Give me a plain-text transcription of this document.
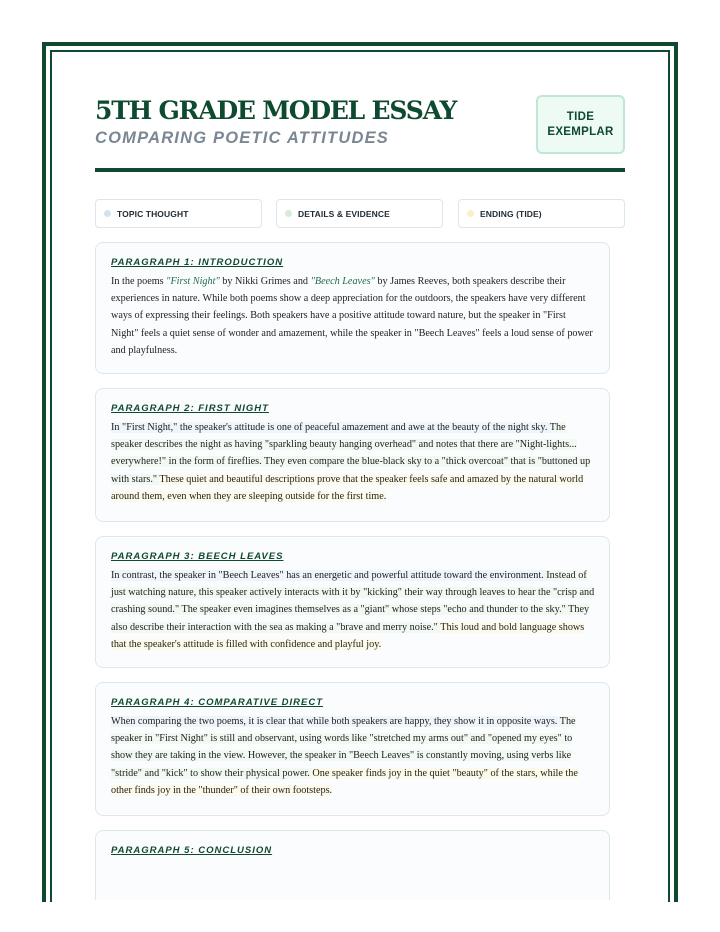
5TH GRADE MODEL ESSAY
COMPARING POETIC ATTITUDES
TIDE
EXEMPLAR
TOPIC THOUGHT	DETAILS & EVIDENCE	ENDING (TIDE)
PARAGRAPH 1: INTRODUCTION
In the poems "First Night" by Nikki Grimes and "Beech Leaves" by James Reeves, both speakers describe their experiences in nature. While both poems show a deep appreciation for the outdoors, the speakers have very different ways of expressing their feelings. Both speakers have a positive attitude toward nature, but the speaker in "First Night" feels a quiet sense of wonder and amazement, while the speaker in "Beech Leaves" feels a loud sense of power and playfulness.
PARAGRAPH 2: FIRST NIGHT
In "First Night," the speaker's attitude is one of peaceful amazement and awe at the beauty of the night sky. The speaker describes the night as having "sparkling beauty hanging overhead" and notes that there are "Night-lights... everywhere!" in the form of fireflies. They even compare the blue-black sky to a "thick overcoat" that is "buttoned up with stars." These quiet and beautiful descriptions prove that the speaker feels safe and amazed by the natural world around them, even when they are sleeping outside for the first time.
PARAGRAPH 3: BEECH LEAVES
In contrast, the speaker in "Beech Leaves" has an energetic and powerful attitude toward the environment. Instead of just watching nature, this speaker actively interacts with it by "kicking" their way through leaves to hear the "crisp and crashing sound." The speaker even imagines themselves as a "giant" whose steps "echo and thunder to the sky." They also describe their interaction with the sea as making a "brave and merry noise." This loud and bold language shows that the speaker's attitude is filled with confidence and playful joy.
PARAGRAPH 4: COMPARATIVE DIRECT
When comparing the two poems, it is clear that while both speakers are happy, they show it in opposite ways. The speaker in "First Night" is still and observant, using words like "stretched my arms out" and "opened my eyes" to show they are taking in the view. However, the speaker in "Beech Leaves" is constantly moving, using verbs like "stride" and "kick" to show their physical power. One speaker finds joy in the quiet "beauty" of the stars, while the other finds joy in the "thunder" of their own footsteps.
PARAGRAPH 5: CONCLUSION
